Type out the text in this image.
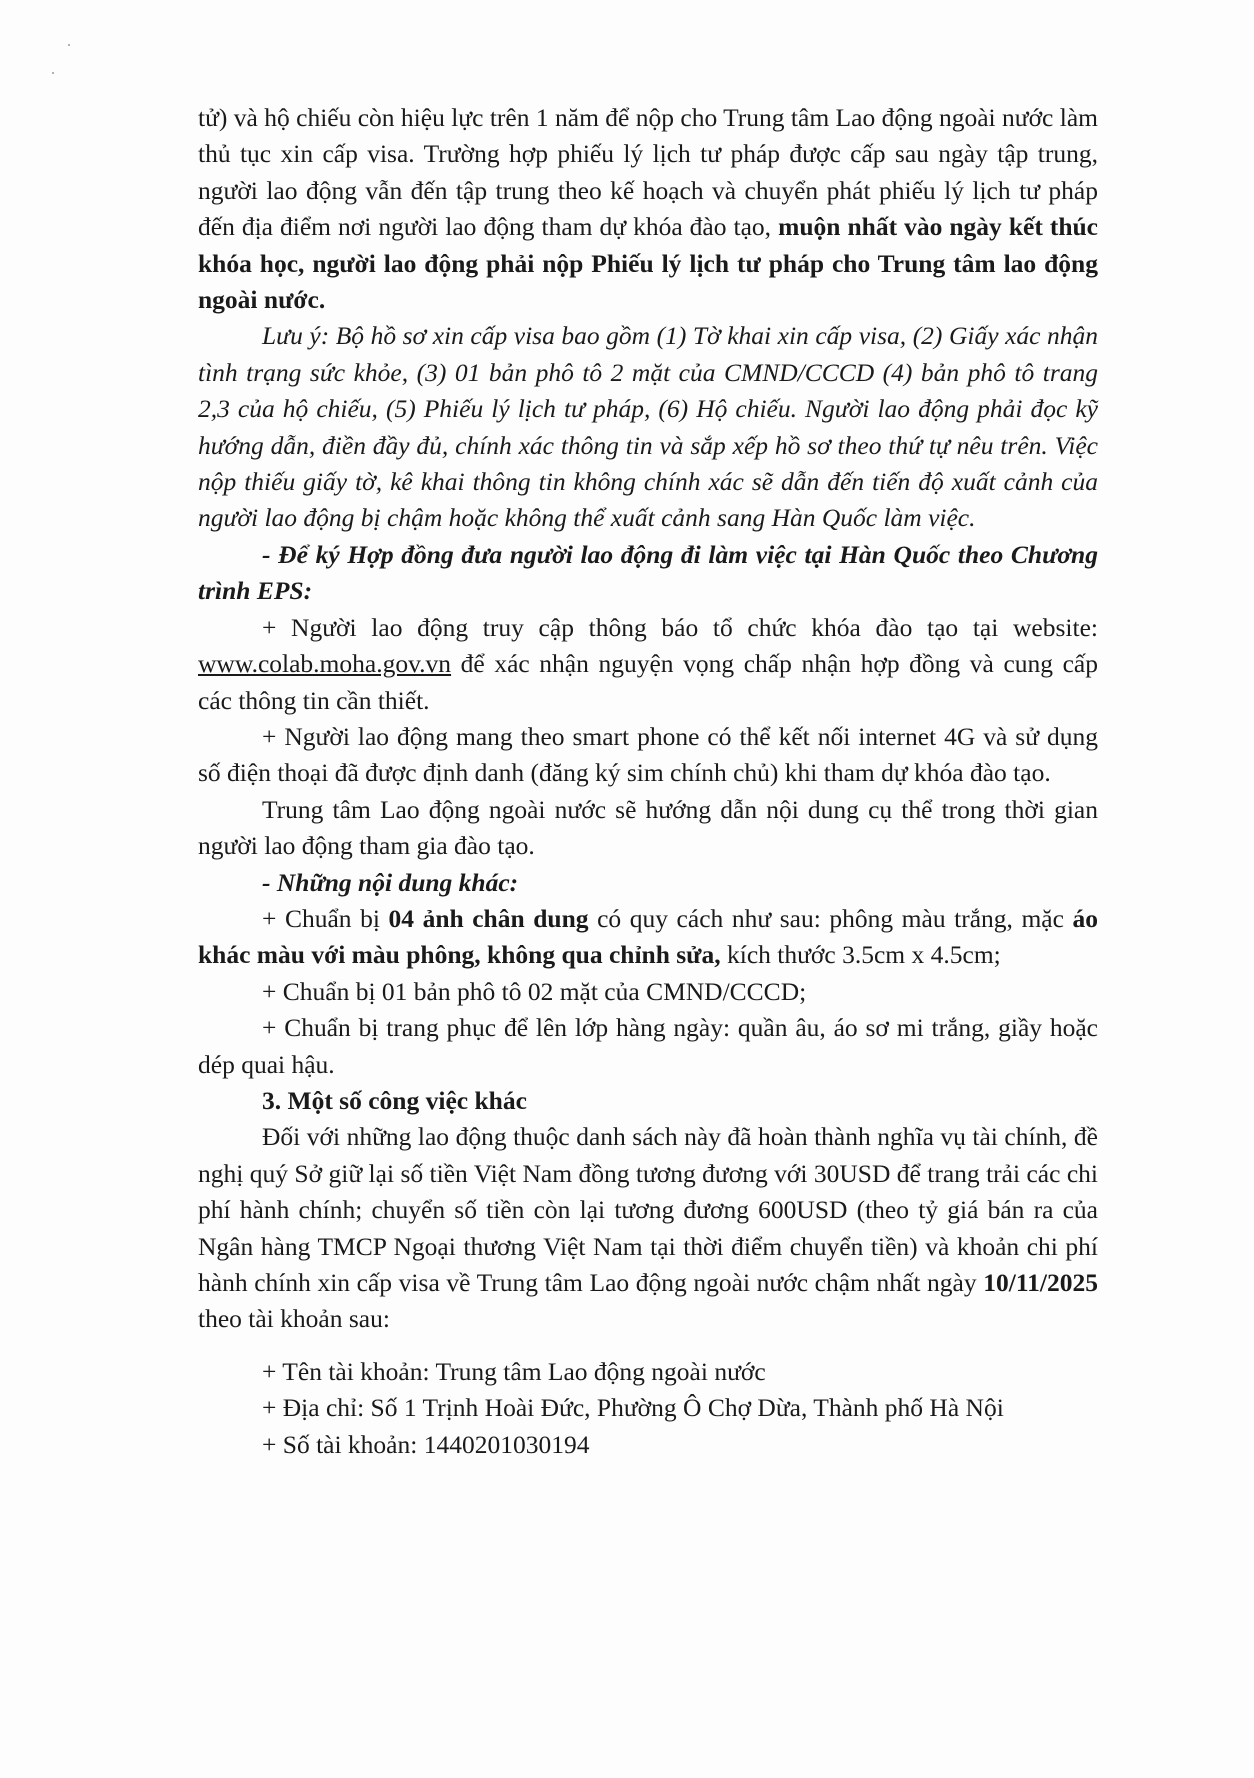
tử) và hộ chiếu còn hiệu lực trên 1 năm để nộp cho Trung tâm Lao động ngoài nước làm thủ tục xin cấp visa. Trường hợp phiếu lý lịch tư pháp được cấp sau ngày tập trung, người lao động vẫn đến tập trung theo kế hoạch và chuyển phát phiếu lý lịch tư pháp đến địa điểm nơi người lao động tham dự khóa đào tạo, muộn nhất vào ngày kết thúc khóa học, người lao động phải nộp Phiếu lý lịch tư pháp cho Trung tâm lao động ngoài nước.

Lưu ý: Bộ hồ sơ xin cấp visa bao gồm (1) Tờ khai xin cấp visa, (2) Giấy xác nhận tình trạng sức khỏe, (3) 01 bản phô tô 2 mặt của CMND/CCCD (4) bản phô tô trang 2,3 của hộ chiếu, (5) Phiếu lý lịch tư pháp, (6) Hộ chiếu. Người lao động phải đọc kỹ hướng dẫn, điền đầy đủ, chính xác thông tin và sắp xếp hồ sơ theo thứ tự nêu trên. Việc nộp thiếu giấy tờ, kê khai thông tin không chính xác sẽ dẫn đến tiến độ xuất cảnh của người lao động bị chậm hoặc không thể xuất cảnh sang Hàn Quốc làm việc.

- Để ký Hợp đồng đưa người lao động đi làm việc tại Hàn Quốc theo Chương trình EPS:

+ Người lao động truy cập thông báo tổ chức khóa đào tạo tại website: www.colab.moha.gov.vn để xác nhận nguyện vọng chấp nhận hợp đồng và cung cấp các thông tin cần thiết.

+ Người lao động mang theo smart phone có thể kết nối internet 4G và sử dụng số điện thoại đã được định danh (đăng ký sim chính chủ) khi tham dự khóa đào tạo.

Trung tâm Lao động ngoài nước sẽ hướng dẫn nội dung cụ thể trong thời gian người lao động tham gia đào tạo.

- Những nội dung khác:

+ Chuẩn bị 04 ảnh chân dung có quy cách như sau: phông màu trắng, mặc áo khác màu với màu phông, không qua chỉnh sửa, kích thước 3.5cm x 4.5cm;

+ Chuẩn bị 01 bản phô tô 02 mặt của CMND/CCCD;

+ Chuẩn bị trang phục để lên lớp hàng ngày: quần âu, áo sơ mi trắng, giầy hoặc dép quai hậu.

3. Một số công việc khác

Đối với những lao động thuộc danh sách này đã hoàn thành nghĩa vụ tài chính, đề nghị quý Sở giữ lại số tiền Việt Nam đồng tương đương với 30USD để trang trải các chi phí hành chính; chuyển số tiền còn lại tương đương 600USD (theo tỷ giá bán ra của Ngân hàng TMCP Ngoại thương Việt Nam tại thời điểm chuyển tiền) và khoản chi phí hành chính xin cấp visa về Trung tâm Lao động ngoài nước chậm nhất ngày 10/11/2025 theo tài khoản sau:

+ Tên tài khoản: Trung tâm Lao động ngoài nước

+ Địa chỉ: Số 1 Trịnh Hoài Đức, Phường Ô Chợ Dừa, Thành phố Hà Nội

+ Số tài khoản: 1440201030194
